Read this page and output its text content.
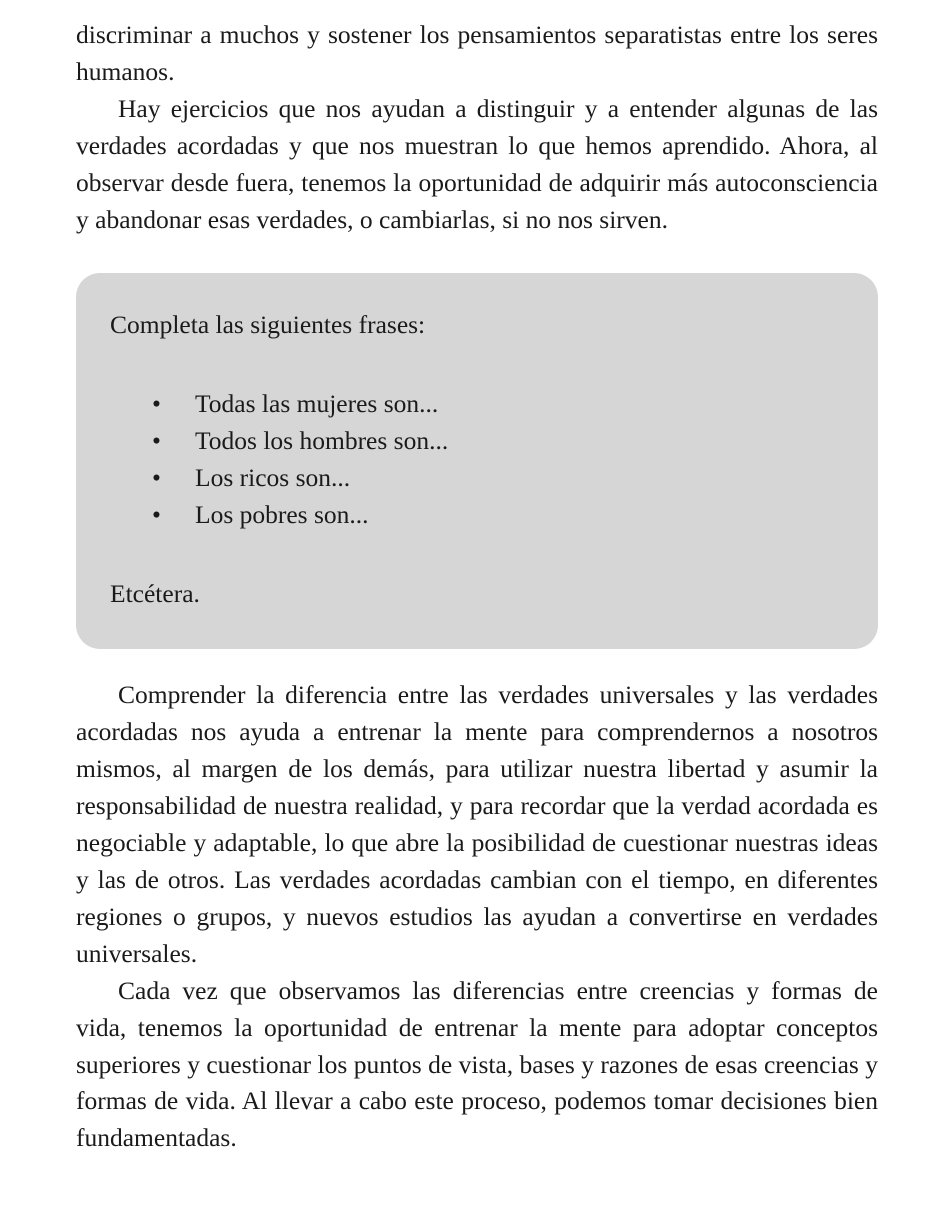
discriminar a muchos y sostener los pensamientos separatistas entre los seres humanos.

Hay ejercicios que nos ayudan a distinguir y a entender algunas de las verdades acordadas y que nos muestran lo que hemos aprendido. Ahora, al observar desde fuera, tenemos la oportunidad de adquirir más autoconsciencia y abandonar esas verdades, o cambiarlas, si no nos sirven.

Completa las siguientes frases:

• Todas las mujeres son...
• Todos los hombres son...
• Los ricos son...
• Los pobres son...

Etcétera.

Comprender la diferencia entre las verdades universales y las verdades acordadas nos ayuda a entrenar la mente para comprendernos a nosotros mismos, al margen de los demás, para utilizar nuestra libertad y asumir la responsabilidad de nuestra realidad, y para recordar que la verdad acordada es negociable y adaptable, lo que abre la posibilidad de cuestionar nuestras ideas y las de otros. Las verdades acordadas cambian con el tiempo, en diferentes regiones o grupos, y nuevos estudios las ayudan a convertirse en verdades universales.

Cada vez que observamos las diferencias entre creencias y formas de vida, tenemos la oportunidad de entrenar la mente para adoptar conceptos superiores y cuestionar los puntos de vista, bases y razones de esas creencias y formas de vida. Al llevar a cabo este proceso, podemos tomar decisiones bien fundamentadas.
